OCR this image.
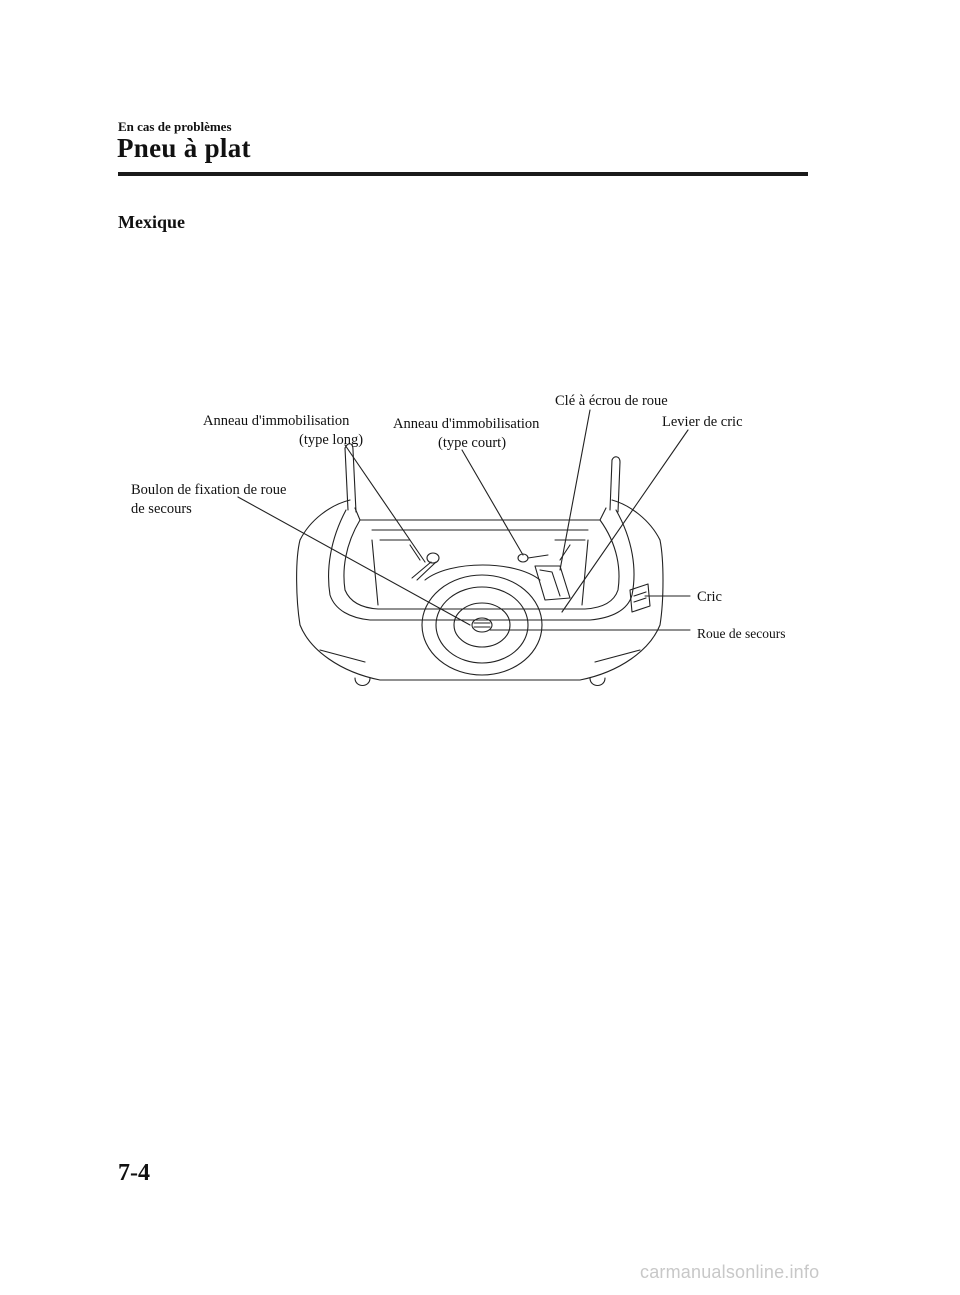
En cas de problèmes
Pneu à plat
Mexique
Anneau d'immobilisation
(type long)
Anneau d'immobilisation
(type court)
Clé à écrou de roue
Levier de cric
Boulon de fixation de roue
de secours
Cric
Roue de secours
7-4
carmanualsonline.info
